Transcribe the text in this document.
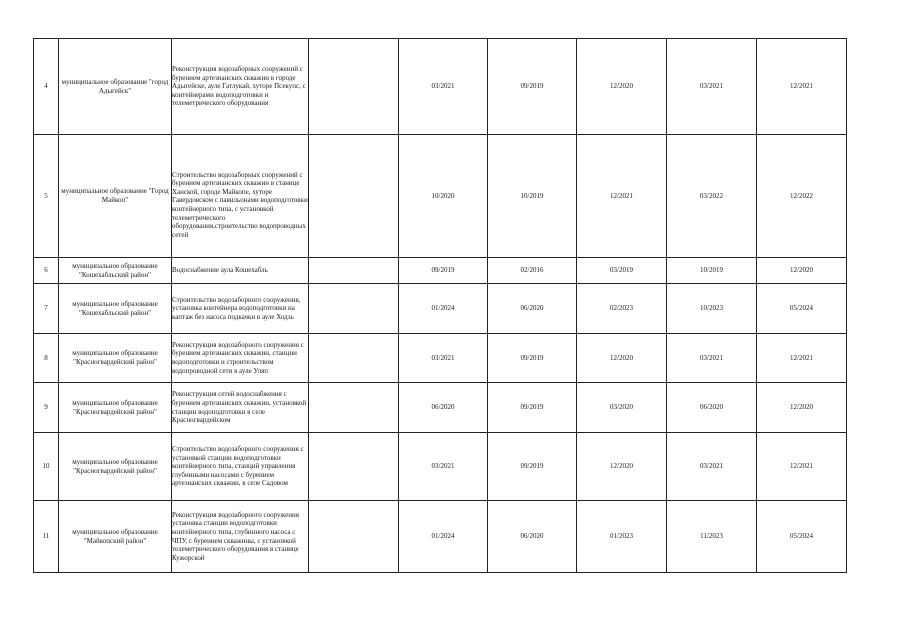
4	муниципальное образование "город Адыгейск"	Реконструкция водозаборных сооружений с бурением артезианских скважин в городе Адыгейске, ауле Гатлукай, хуторе Псекупс, с контейнерами водоподготовки и телеметрического оборудования		03/2021	09/2019	12/2020	03/2021	12/2021
5	муниципальное образование "Город Майкоп"	Строительство водозаборных сооружений с бурением артезианских скважин в станице Ханской, городе Майкопе, хуторе Гавердовском с павильонами водоподготовки контейнерного типа, с установкой телеметрического оборудования,строительство водопроводных сетей		10/2020	10/2019	12/2021	03/2022	12/2022
6	муниципальное образование "Кошехабльский район"	Водоснабжение аула Кошехабль		09/2019	02/2016	03/2019	10/2019	12/2020
7	муниципальное образование "Кошехабльский район"	Строительство водозаборного сооружения, установка контейнера водоподготовки на каптаж без насоса подкачки в ауле Ходзь		01/2024	06/2020	02/2023	10/2023	05/2024
8	муниципальное образование "Красногвардейский район"	Реконструкция водозаборного сооружения с бурением артезианских скважин, станции водоподготовки и строительством водопроводной сети в ауле Уляп		03/2021	09/2019	12/2020	03/2021	12/2021
9	муниципальное образование "Красногвардейский район"	Реконструкция сетей водоснабжения с бурением артезианских скважин, установкой станции водоподготовки в селе Красногвардейском		06/2020	09/2019	03/2020	06/2020	12/2020
10	муниципальное образование "Красногвардейский район"	Строительство водозаборного сооружения с установкой станции водоподготовки контейнерного типа, станций управления глубинными насосами с бурением артезианских скважин, в селе Садовом		03/2021	09/2019	12/2020	03/2021	12/2021
11	муниципальное образование "Майкопский район"	Реконструкция водозаборного сооружения установка станции водоподготовки контейнерного типа, глубинного насоса с ЧПУ, с бурением скважины, с установкой телеметрического оборудования в станице Кужорской		01/2024	06/2020	01/2023	11/2023	05/2024
